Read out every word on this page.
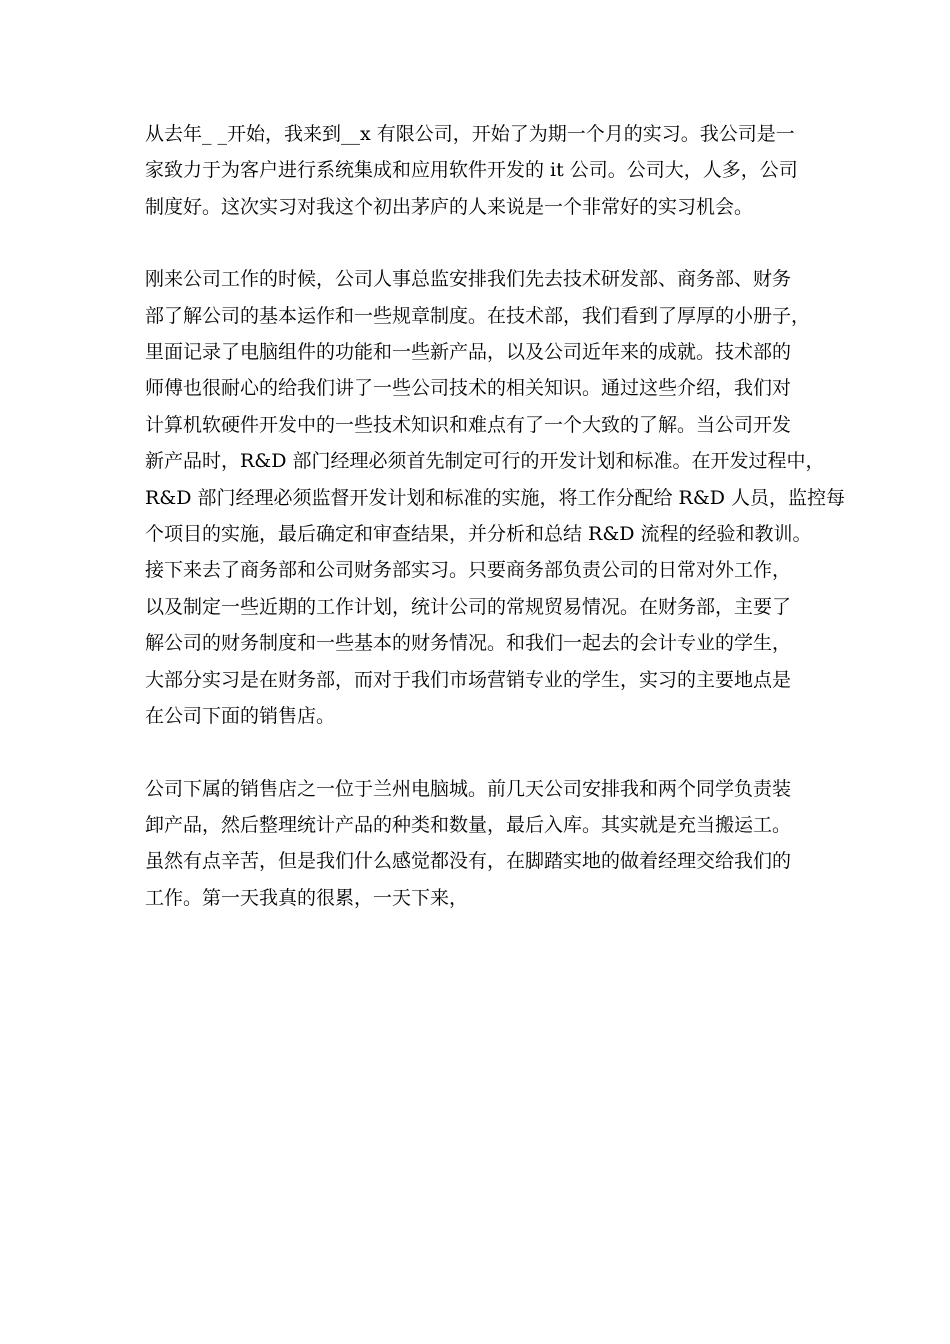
从去年_ _开始，我来到__x 有限公司，开始了为期一个月的实习。我公司是一
家致力于为客户进行系统集成和应用软件开发的 it 公司。公司大，人多，公司
制度好。这次实习对我这个初出茅庐的人来说是一个非常好的实习机会。

刚来公司工作的时候，公司人事总监安排我们先去技术研发部、商务部、财务
部了解公司的基本运作和一些规章制度。在技术部，我们看到了厚厚的小册子，
里面记录了电脑组件的功能和一些新产品，以及公司近年来的成就。技术部的
师傅也很耐心的给我们讲了一些公司技术的相关知识。通过这些介绍，我们对
计算机软硬件开发中的一些技术知识和难点有了一个大致的了解。当公司开发
新产品时，R&D 部门经理必须首先制定可行的开发计划和标准。在开发过程中，
R&D 部门经理必须监督开发计划和标准的实施，将工作分配给 R&D 人员，监控每
个项目的实施，最后确定和审查结果，并分析和总结 R&D 流程的经验和教训。
接下来去了商务部和公司财务部实习。只要商务部负责公司的日常对外工作，
以及制定一些近期的工作计划，统计公司的常规贸易情况。在财务部，主要了
解公司的财务制度和一些基本的财务情况。和我们一起去的会计专业的学生，
大部分实习是在财务部，而对于我们市场营销专业的学生，实习的主要地点是
在公司下面的销售店。

公司下属的销售店之一位于兰州电脑城。前几天公司安排我和两个同学负责装
卸产品，然后整理统计产品的种类和数量，最后入库。其实就是充当搬运工。
虽然有点辛苦，但是我们什么感觉都没有，在脚踏实地的做着经理交给我们的
工作。第一天我真的很累，一天下来，
